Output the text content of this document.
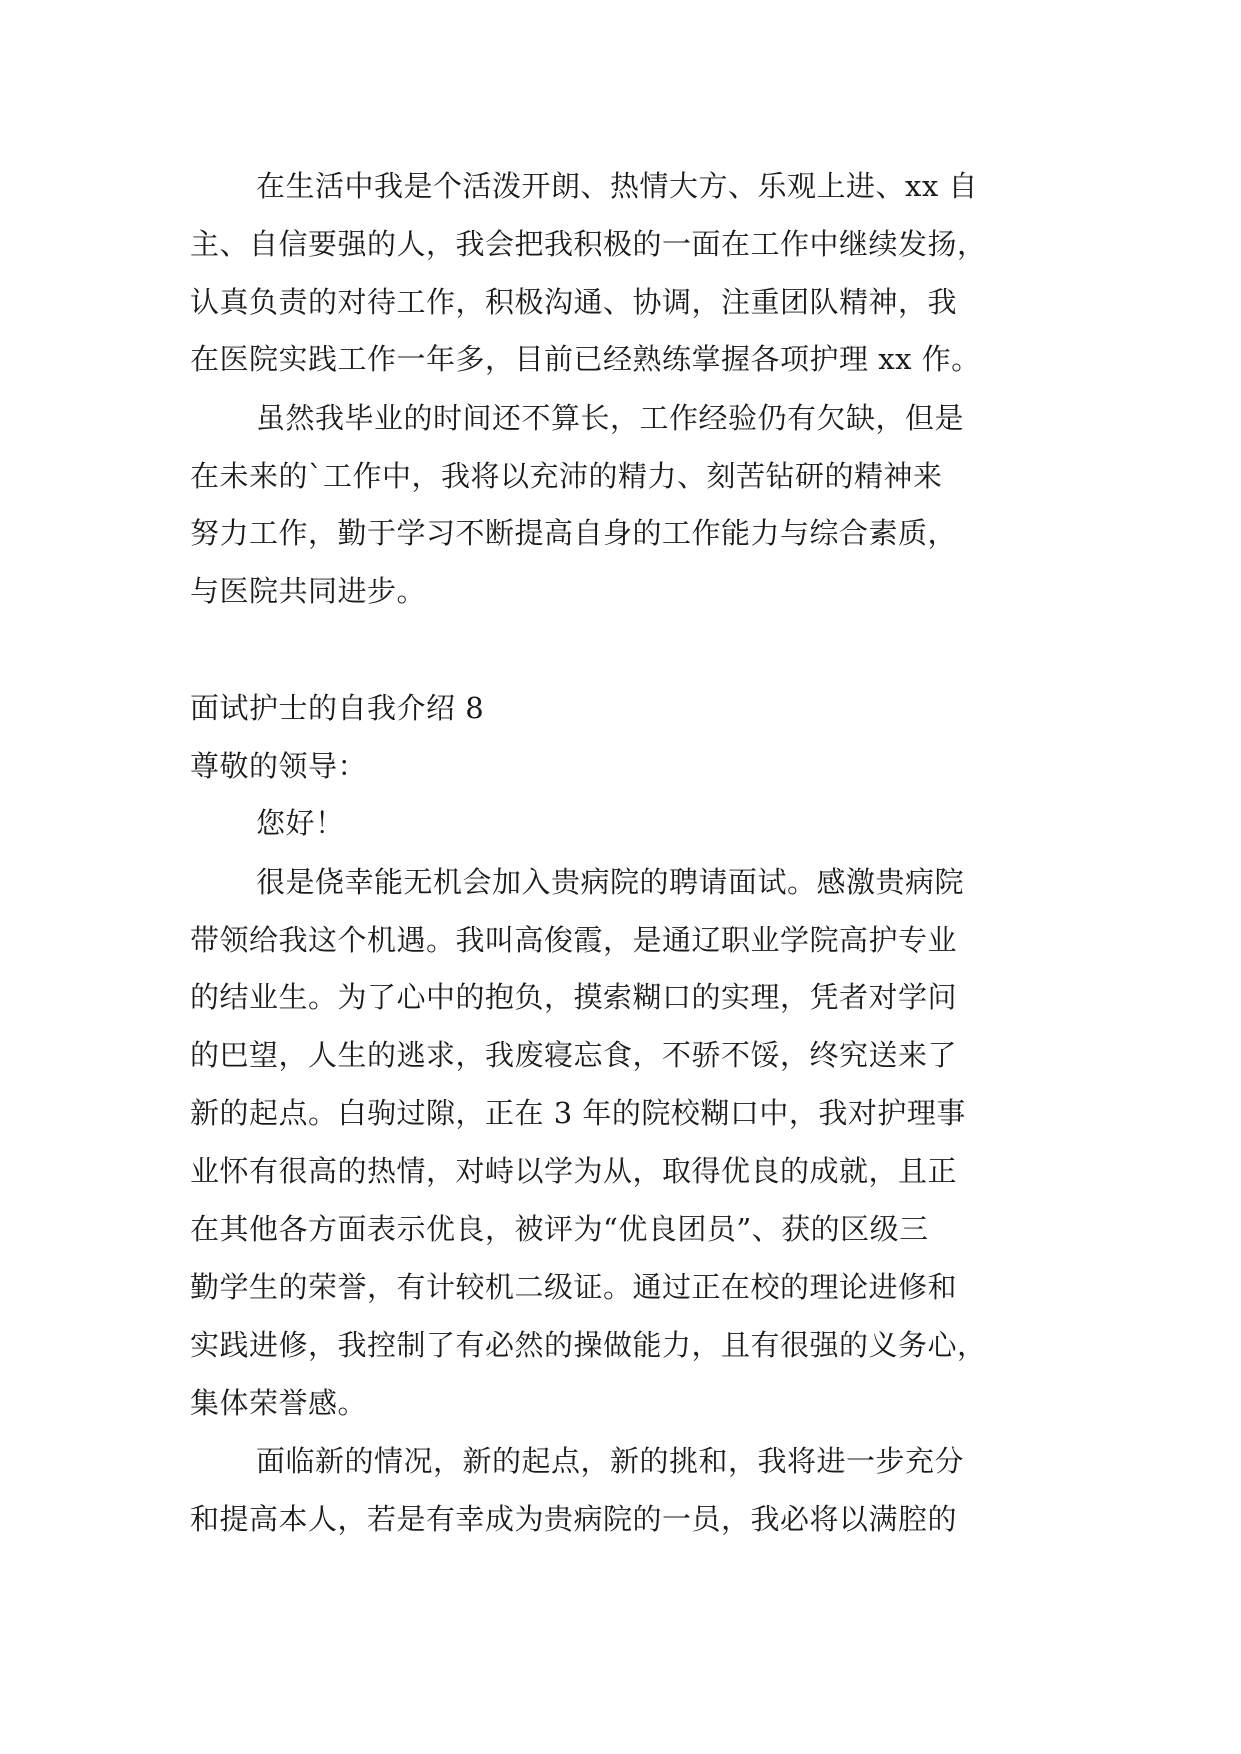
在生活中我是个活泼开朗、热情大方、乐观上进、xx 自
主、自信要强的人，我会把我积极的一面在工作中继续发扬，
认真负责的对待工作，积极沟通、协调，注重团队精神，我
在医院实践工作一年多，目前已经熟练掌握各项护理 xx 作。
虽然我毕业的时间还不算长，工作经验仍有欠缺，但是
在未来的`工作中，我将以充沛的精力、刻苦钻研的精神来
努力工作，勤于学习不断提高自身的工作能力与综合素质，
与医院共同进步。
面试护士的自我介绍 8
尊敬的领导：
您好！
很是侥幸能无机会加入贵病院的聘请面试。感激贵病院
带领给我这个机遇。我叫高俊霞，是通辽职业学院高护专业
的结业生。为了心中的抱负，摸索糊口的实理，凭者对学问
的巴望，人生的逃求，我废寝忘食，不骄不馁，终究送来了
新的起点。白驹过隙，正在 3 年的院校糊口中，我对护理事
业怀有很高的热情，对峙以学为从，取得优良的成就，且正
在其他各方面表示优良，被评为“优良团员”、获的区级三
勤学生的荣誉，有计较机二级证。通过正在校的理论进修和
实践进修，我控制了有必然的操做能力，且有很强的义务心，
集体荣誉感。
面临新的情况，新的起点，新的挑和，我将进一步充分
和提高本人，若是有幸成为贵病院的一员，我必将以满腔的
